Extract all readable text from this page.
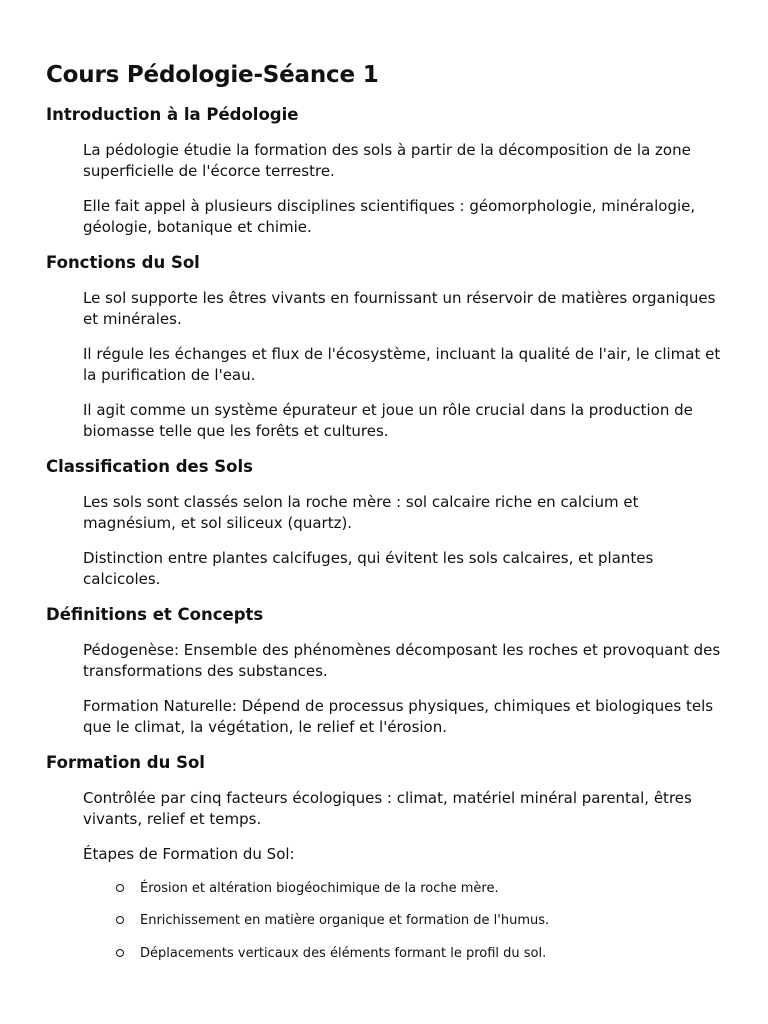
Cours Pédologie-Séance 1
Introduction à la Pédologie

La pédologie étudie la formation des sols à partir de la décomposition de la zone superficielle de l'écorce terrestre.

Elle fait appel à plusieurs disciplines scientifiques : géomorphologie, minéralogie, géologie, botanique et chimie.

Fonctions du Sol

Le sol supporte les êtres vivants en fournissant un réservoir de matières organiques et minérales.

Il régule les échanges et flux de l'écosystème, incluant la qualité de l'air, le climat et la purification de l'eau.

Il agit comme un système épurateur et joue un rôle crucial dans la production de biomasse telle que les forêts et cultures.

Classification des Sols

Les sols sont classés selon la roche mère : sol calcaire riche en calcium et magnésium, et sol siliceux (quartz).

Distinction entre plantes calcifuges, qui évitent les sols calcaires, et plantes calcicoles.

Définitions et Concepts

Pédogenèse: Ensemble des phénomènes décomposant les roches et provoquant des transformations des substances.

Formation Naturelle: Dépend de processus physiques, chimiques et biologiques tels que le climat, la végétation, le relief et l'érosion.

Formation du Sol

Contrôlée par cinq facteurs écologiques : climat, matériel minéral parental, êtres vivants, relief et temps.

Étapes de Formation du Sol:

Érosion et altération biogéochimique de la roche mère.
Enrichissement en matière organique et formation de l'humus.
Déplacements verticaux des éléments formant le profil du sol.
